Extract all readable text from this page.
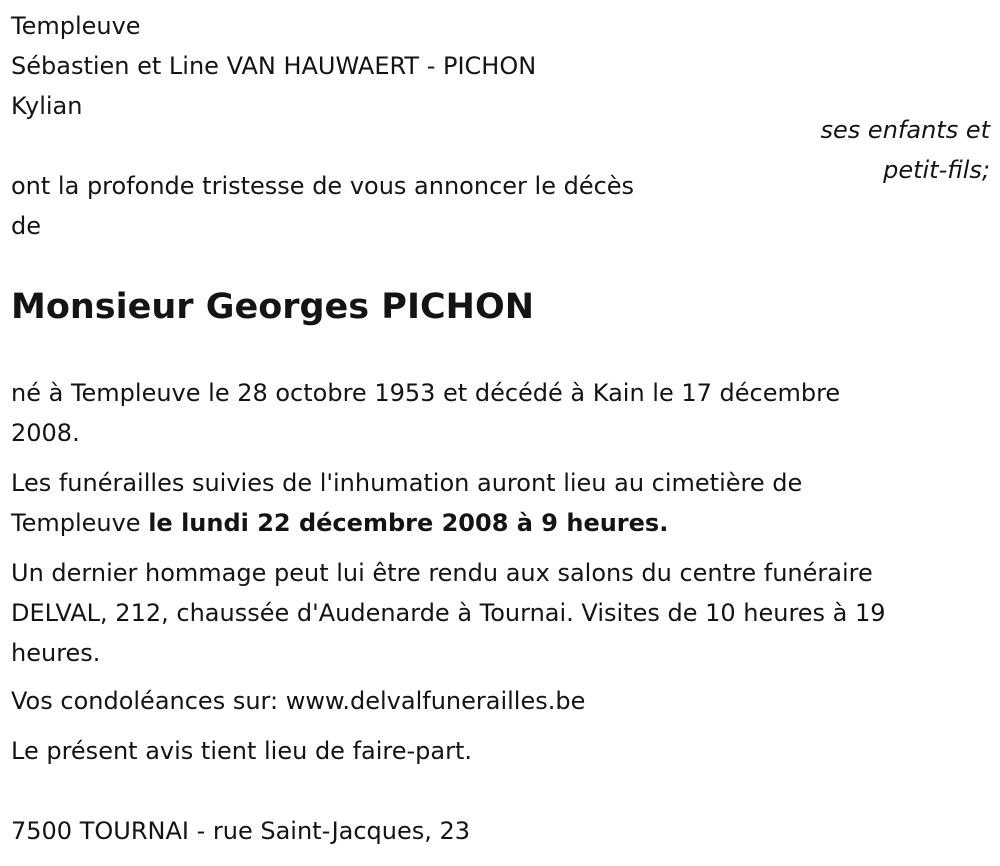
Templeuve
Sébastien et Line VAN HAUWAERT - PICHON
Kylian
ses enfants et
petit-fils;
ont la profonde tristesse de vous annoncer le décès
de
Monsieur Georges PICHON
né à Templeuve le 28 octobre 1953 et décédé à Kain le 17 décembre
2008.
Les funérailles suivies de l'inhumation auront lieu au cimetière de
Templeuve le lundi 22 décembre 2008 à 9 heures.
Un dernier hommage peut lui être rendu aux salons du centre funéraire
DELVAL, 212, chaussée d'Audenarde à Tournai. Visites de 10 heures à 19
heures.
Vos condoléances sur: www.delvalfunerailles.be
Le présent avis tient lieu de faire-part.
7500 TOURNAI - rue Saint-Jacques, 23
